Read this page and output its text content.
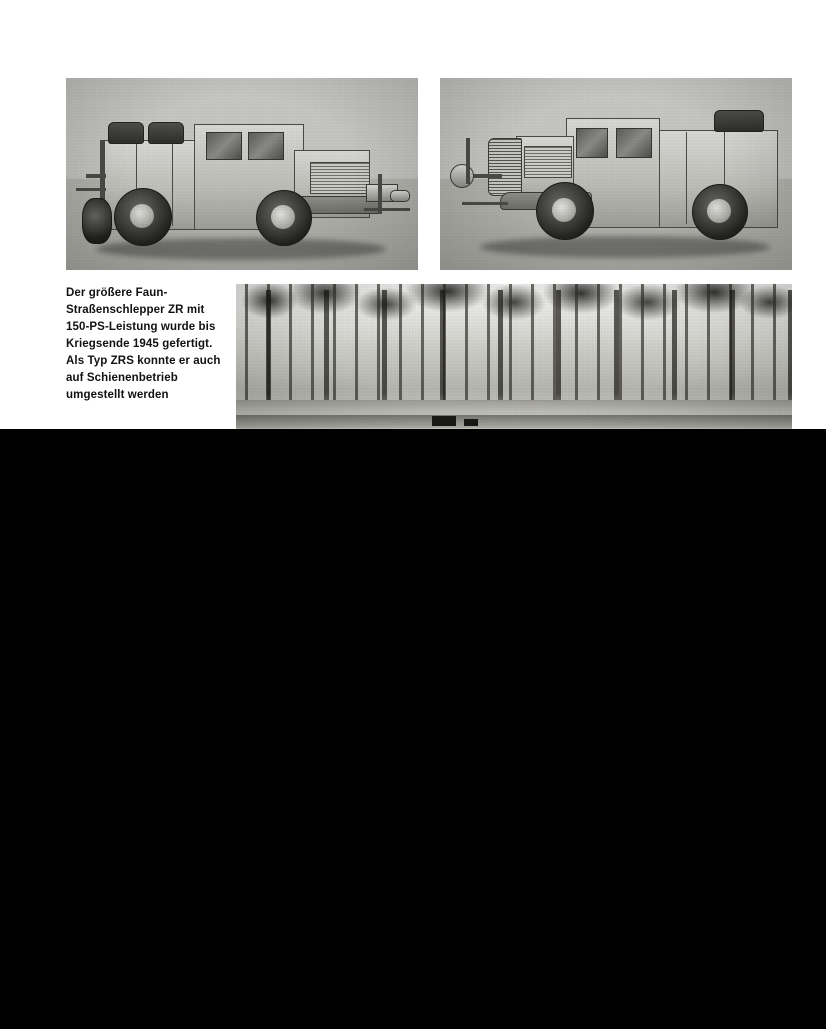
Der größere Faun-Straßenschlepper ZR mit 150-PS-Leistung wurde bis Kriegsende 1945 gefertigt. Als Typ ZRS konnte er auch auf Schienenbetrieb umgestellt werden
